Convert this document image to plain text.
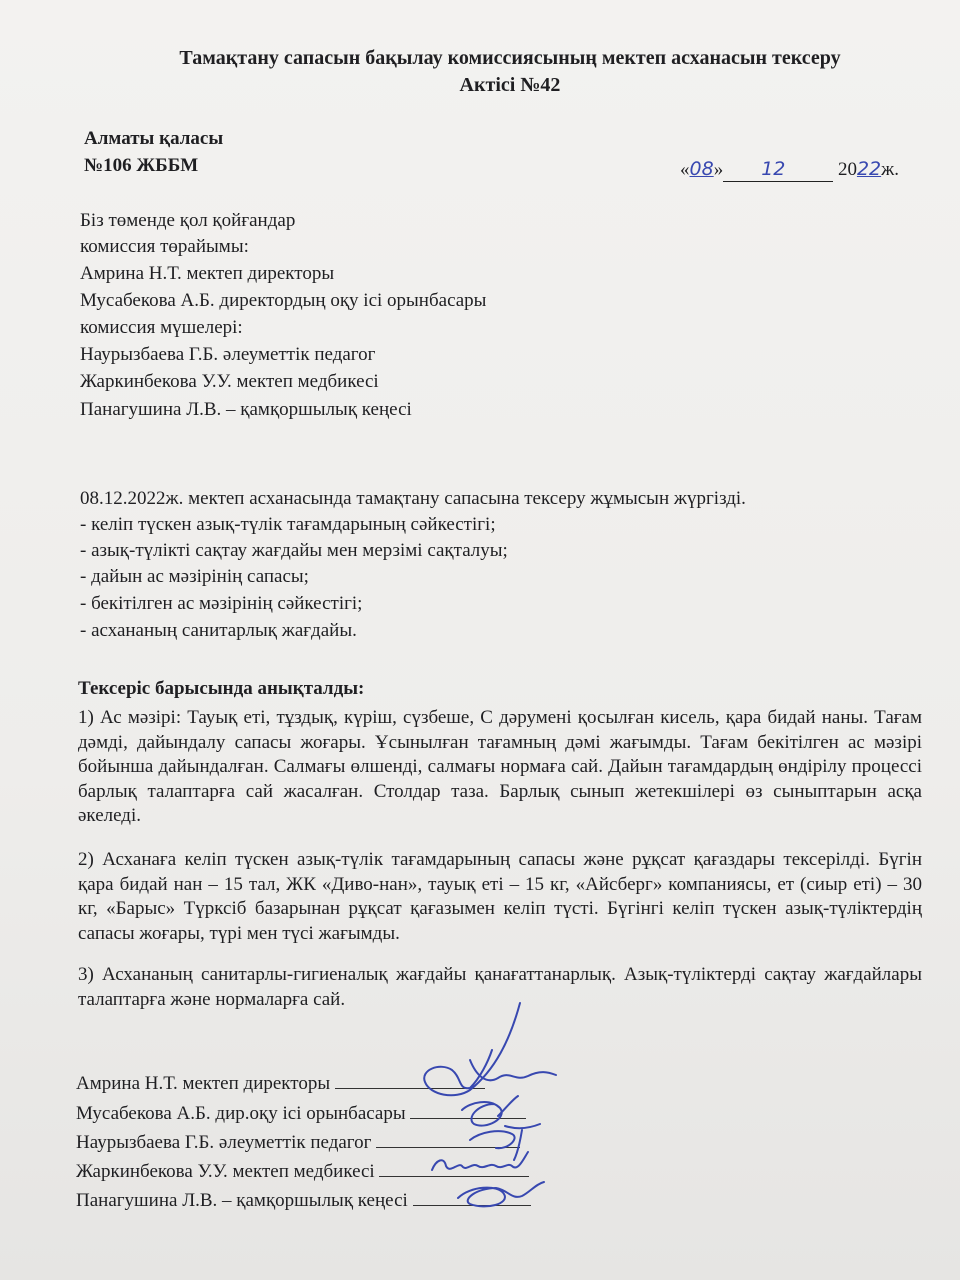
Тамақтану сапасын бақылау комиссиясының мектеп асханасын тексеру
Актісі №42
Алматы қаласы
№106 ЖББМ	«08» 12	2022ж.
Біз төменде қол қойғандар
комиссия төрайымы:
Амрина Н.Т. мектеп директоры
Мусабекова А.Б. директордың оқу ісі орынбасары
комиссия мүшелері:
Наурызбаева Г.Б. әлеуметтік педагог
Жаркинбекова У.У. мектеп медбикесі
Панагушина Л.В. – қамқоршылық кеңесі
08.12.2022ж. мектеп асханасында тамақтану сапасына тексеру жұмысын жүргізді.
- келіп түскен азық-түлік тағамдарының сәйкестігі;
- азық-түлікті сақтау жағдайы мен мерзімі сақталуы;
- дайын ас мәзірінің сапасы;
- бекітілген ас мәзірінің сәйкестігі;
- асхананың санитарлық жағдайы.
Тексеріс барысында анықталды:
1) Ас мәзірі: Тауық еті, тұздық, күріш, сүзбеше, С дәрумені қосылған кисель, қара бидай наны. Тағам дәмді, дайындалу сапасы жоғары. Ұсынылған тағамның дәмі жағымды. Тағам бекітілген ас мәзірі бойынша дайындалған. Салмағы өлшенді, салмағы нормаға сай. Дайын тағамдардың өндірілу процессі барлық талаптарға сай жасалған. Столдар таза. Барлық сынып жетекшілері өз сыныптарын асқа әкеледі.
2) Асханаға келіп түскен азық-түлік тағамдарының сапасы және рұқсат қағаздары тексерілді. Бүгін қара бидай нан – 15 тал, ЖК «Диво-нан», тауық еті – 15 кг, «Айсберг» компаниясы, ет (сиыр еті) – 30 кг, «Барыс» Түрксіб базарынан рұқсат қағазымен келіп түсті. Бүгінгі келіп түскен азық-түліктердің сапасы жоғары, түрі мен түсі жағымды.
3) Асхананың санитарлы-гигиеналық жағдайы қанағаттанарлық. Азық-түліктерді сақтау жағдайлары талаптарға және нормаларға сай.
Амрина Н.Т. мектеп директоры
Мусабекова А.Б. дир.оқу ісі орынбасары
Наурызбаева Г.Б. әлеуметтік педагог
Жаркинбекова У.У. мектеп медбикесі
Панагушина Л.В. – қамқоршылық кеңесі
